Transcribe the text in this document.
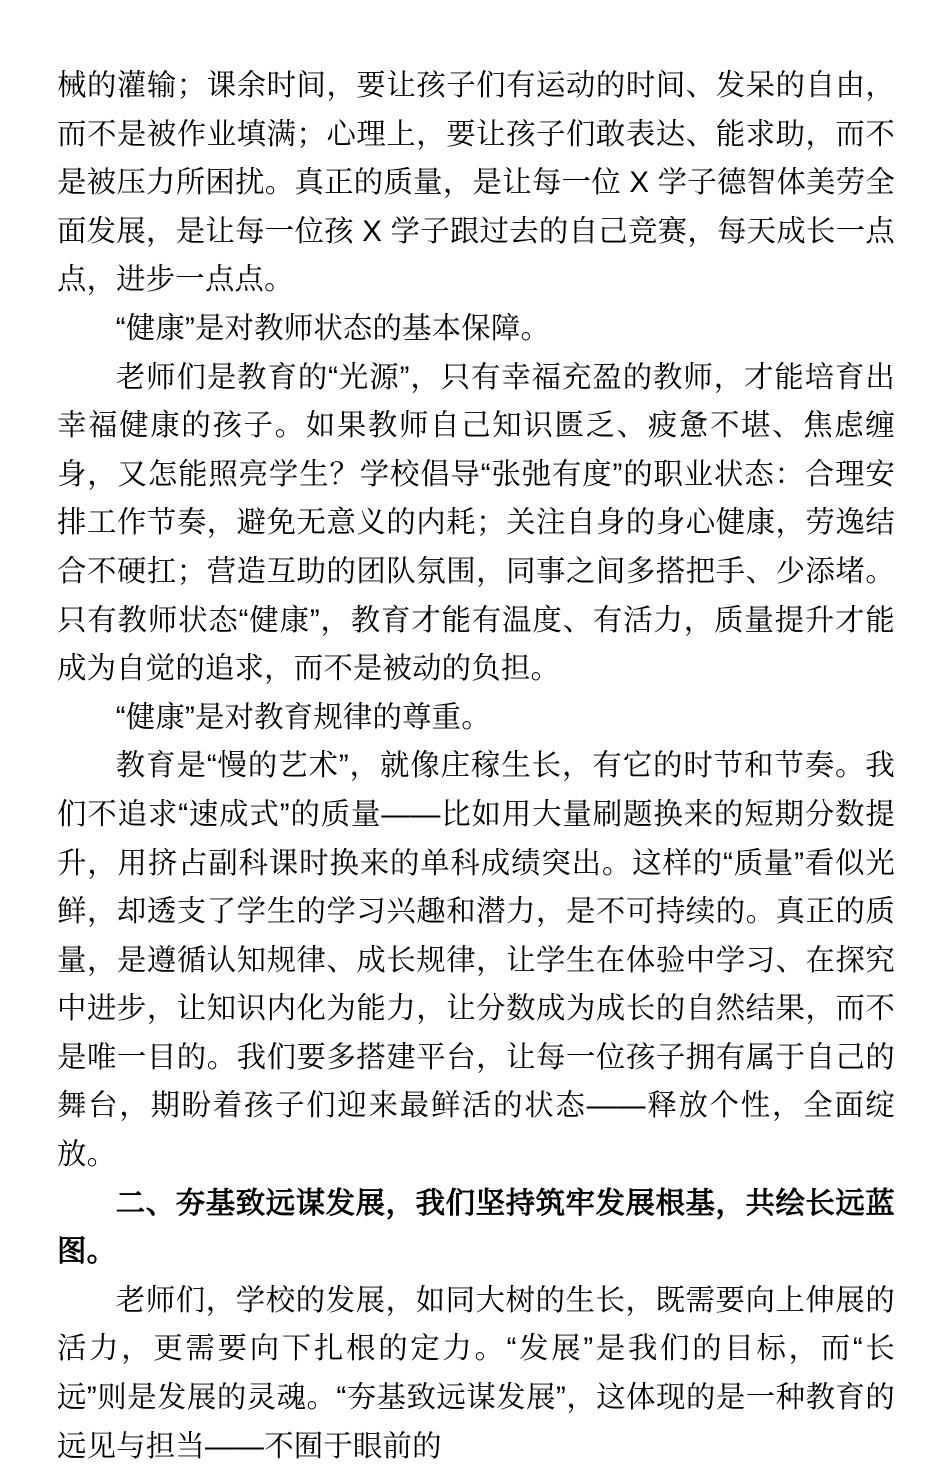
械的灌输；课余时间，要让孩子们有运动的时间、发呆的自由，而不是被作业填满；心理上，要让孩子们敢表达、能求助，而不是被压力所困扰。真正的质量，是让每一位 X 学子德智体美劳全面发展，是让每一位孩 X 学子跟过去的自己竞赛，每天成长一点点，进步一点点。

“健康”是对教师状态的基本保障。

老师们是教育的“光源”，只有幸福充盈的教师，才能培育出幸福健康的孩子。如果教师自己知识匮乏、疲惫不堪、焦虑缠身，又怎能照亮学生？学校倡导“张弛有度”的职业状态：合理安排工作节奏，避免无意义的内耗；关注自身的身心健康，劳逸结合不硬扛；营造互助的团队氛围，同事之间多搭把手、少添堵。只有教师状态“健康”，教育才能有温度、有活力，质量提升才能成为自觉的追求，而不是被动的负担。

“健康”是对教育规律的尊重。

教育是“慢的艺术”，就像庄稼生长，有它的时节和节奏。我们不追求“速成式”的质量——比如用大量刷题换来的短期分数提升，用挤占副科课时换来的单科成绩突出。这样的“质量”看似光鲜，却透支了学生的学习兴趣和潜力，是不可持续的。真正的质量，是遵循认知规律、成长规律，让学生在体验中学习、在探究中进步，让知识内化为能力，让分数成为成长的自然结果，而不是唯一目的。我们要多搭建平台，让每一位孩子拥有属于自己的舞台，期盼着孩子们迎来最鲜活的状态——释放个性，全面绽放。

二、夯基致远谋发展，我们坚持筑牢发展根基，共绘长远蓝图。

老师们，学校的发展，如同大树的生长，既需要向上伸展的活力，更需要向下扎根的定力。“发展”是我们的目标，而“长远”则是发展的灵魂。“夯基致远谋发展”，这体现的是一种教育的远见与担当——不囿于眼前的
